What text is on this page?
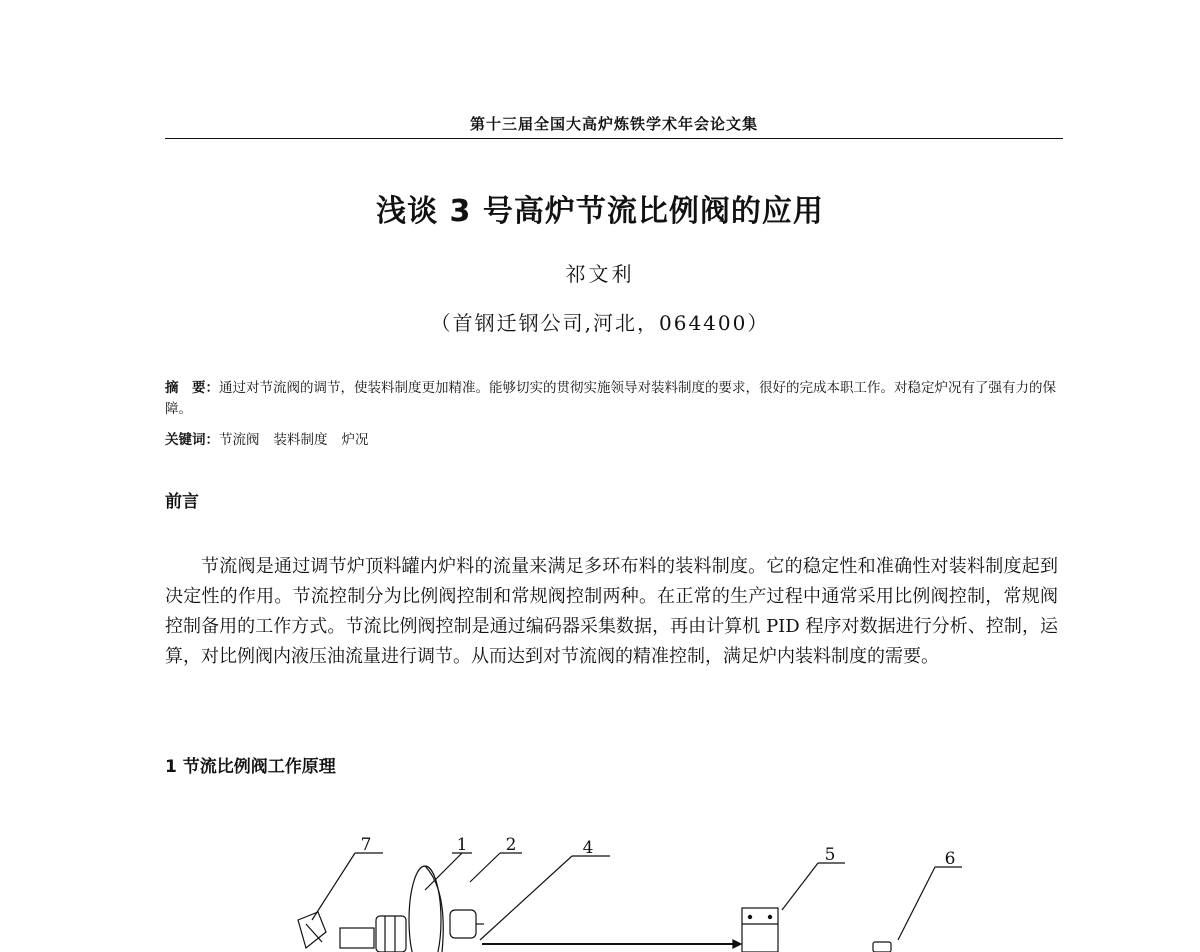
第十三届全国大高炉炼铁学术年会论文集
浅谈 3 号高炉节流比例阀的应用
祁文利
（首钢迁钢公司,河北，064400）
摘　要：通过对节流阀的调节，使装料制度更加精准。能够切实的贯彻实施领导对装料制度的要求，很好的完成本职工作。对稳定炉况有了强有力的保障。
关键词：节流阀 装料制度 炉况
前言

节流阀是通过调节炉顶料罐内炉料的流量来满足多环布料的装料制度。它的稳定性和准确性对装料制度起到决定性的作用。节流控制分为比例阀控制和常规阀控制两种。在正常的生产过程中通常采用比例阀控制，常规阀控制备用的工作方式。节流比例阀控制是通过编码器采集数据，再由计算机 PID 程序对数据进行分析、控制，运算，对比例阀内液压油流量进行调节。从而达到对节流阀的精准控制，满足炉内装料制度的需要。

1 节流比例阀工作原理
7	1 2	4	5	6
